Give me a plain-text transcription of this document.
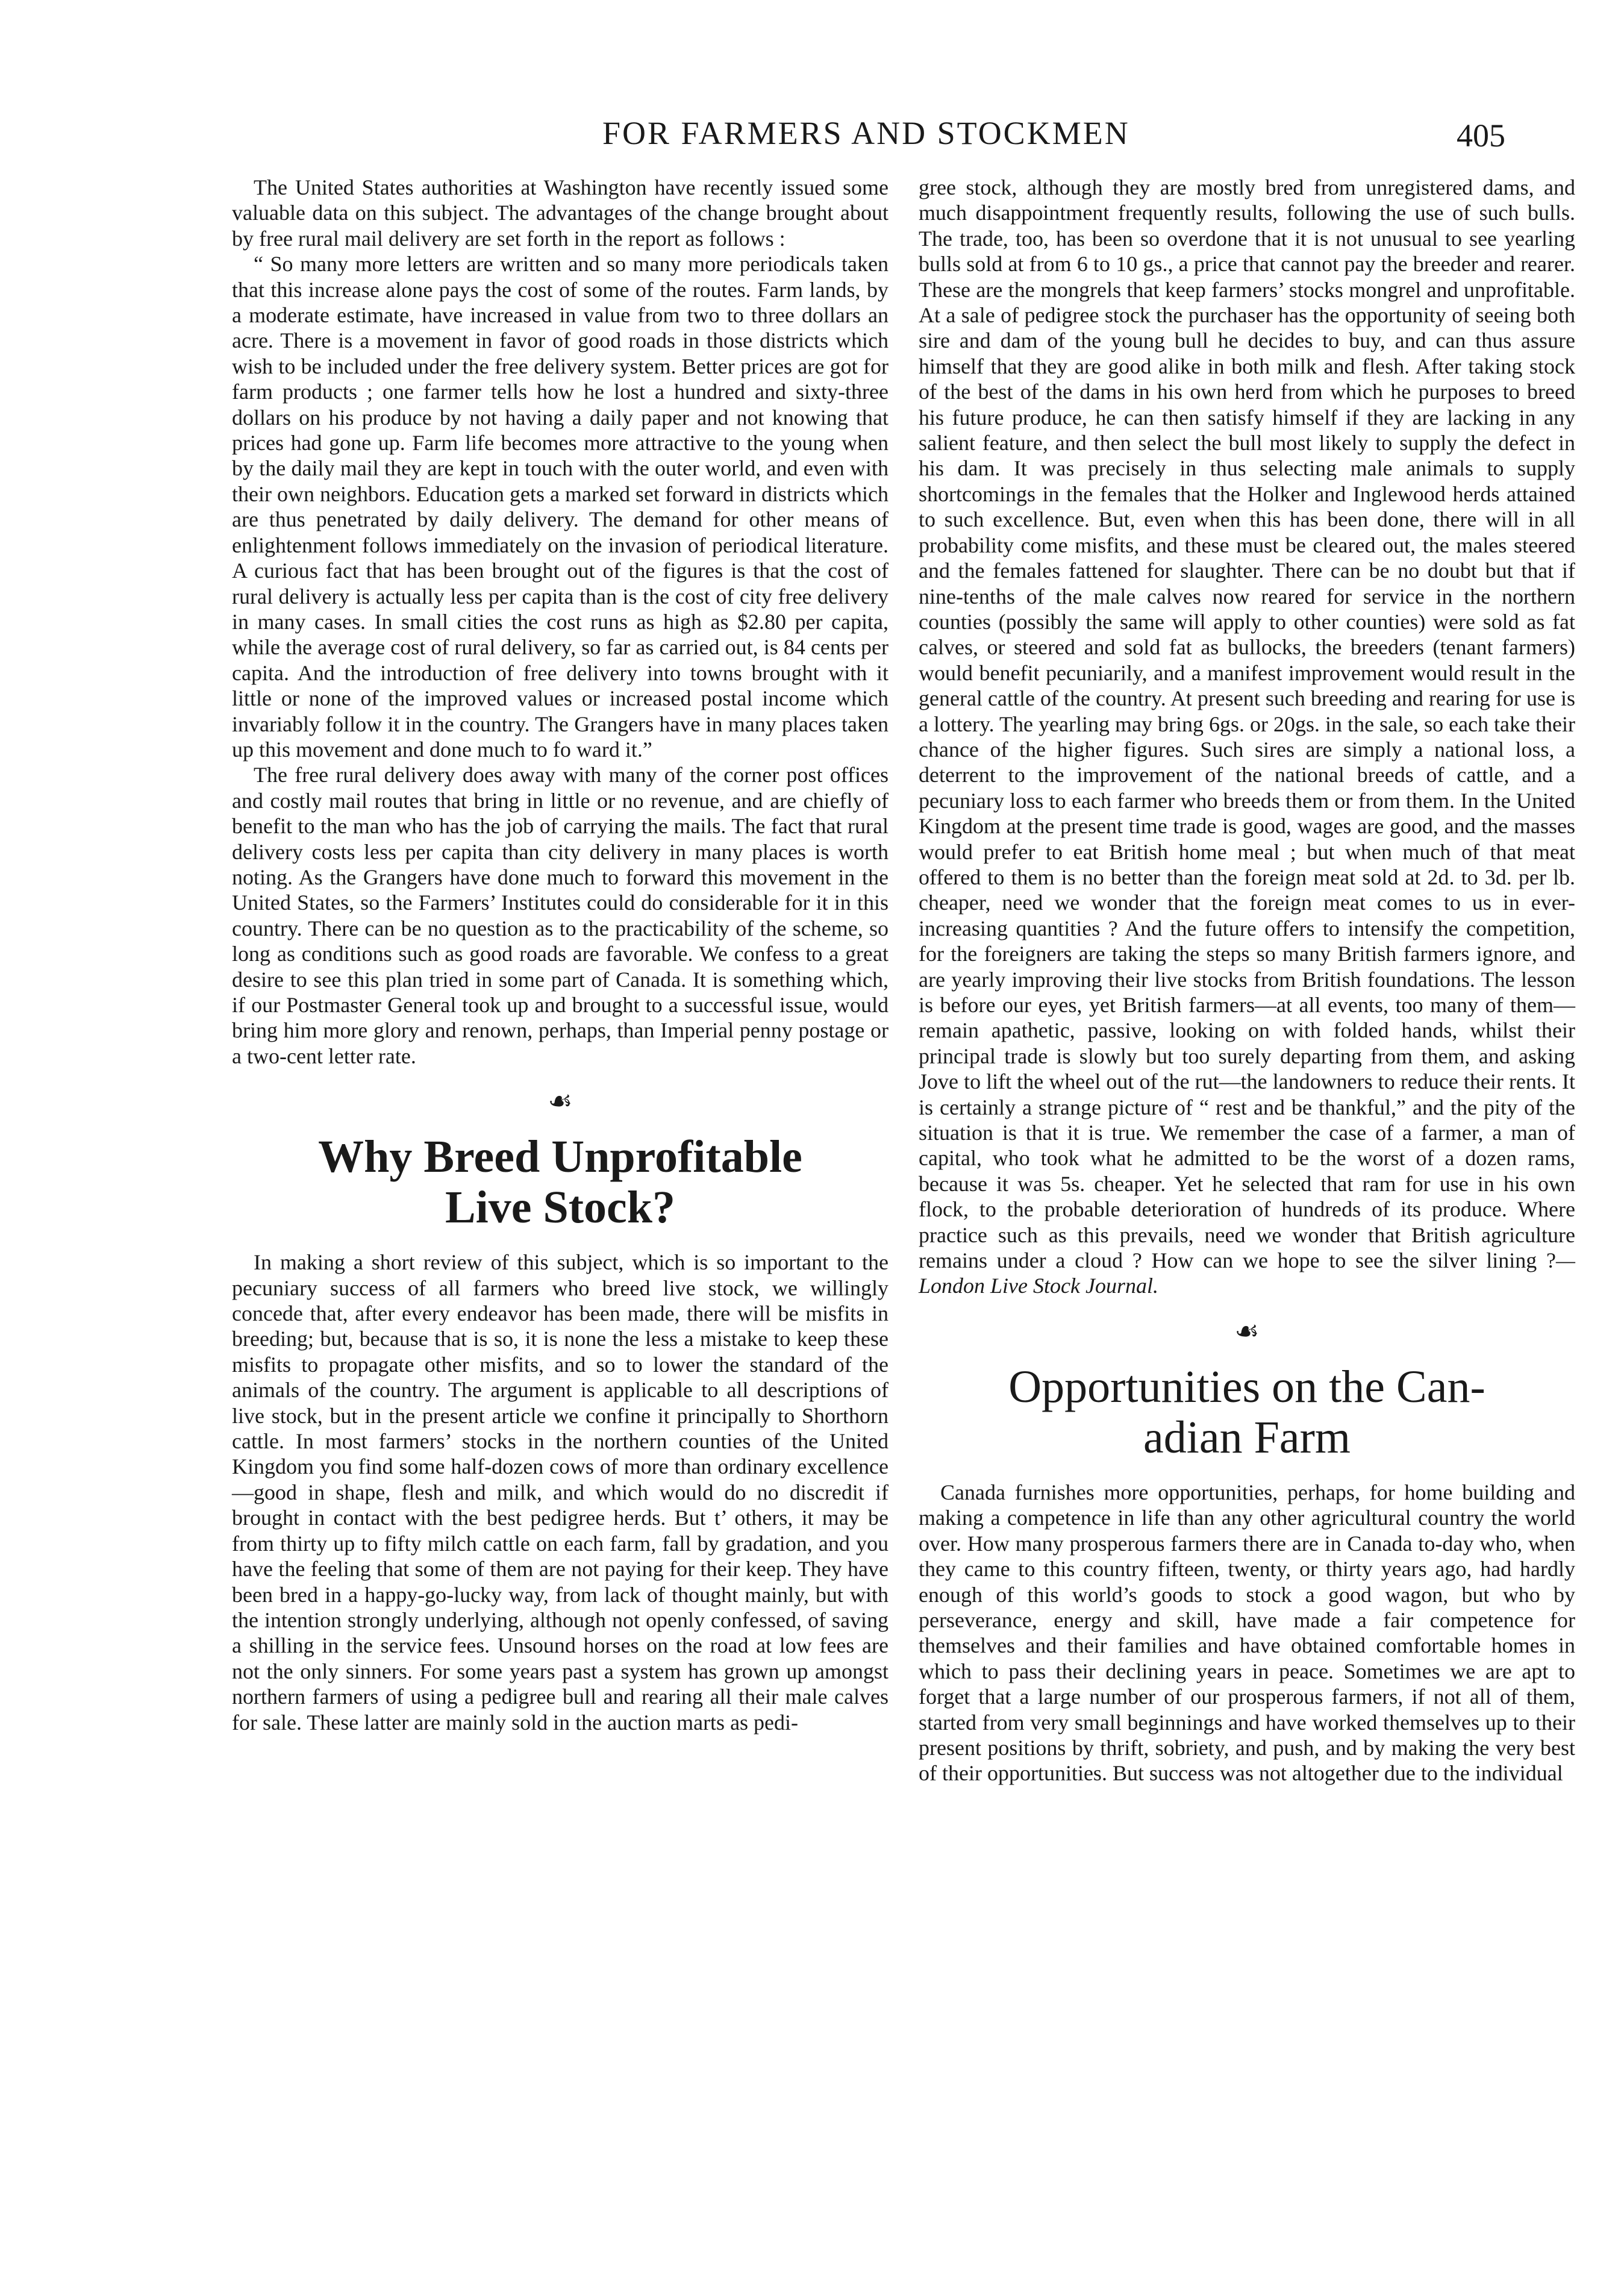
FOR FARMERS AND STOCKMEN	405

The United States authorities at Washington have recently issued some valuable data on this subject. The advantages of the change brought about by free rural mail delivery are set forth in the report as follows :

“ So many more letters are written and so many more periodicals taken that this increase alone pays the cost of some of the routes. Farm lands, by a moderate estimate, have increased in value from two to three dollars an acre. There is a movement in favor of good roads in those districts which wish to be included under the free delivery system. Better prices are got for farm products ; one farmer tells how he lost a hundred and sixty-three dollars on his produce by not having a daily paper and not knowing that prices had gone up. Farm life becomes more attractive to the young when by the daily mail they are kept in touch with the outer world, and even with their own neighbors. Education gets a marked set forward in districts which are thus penetrated by daily delivery. The demand for other means of enlightenment follows immediately on the invasion of periodical literature. A curious fact that has been brought out of the figures is that the cost of rural delivery is actually less per capita than is the cost of city free delivery in many cases. In small cities the cost runs as high as $2.80 per capita, while the average cost of rural delivery, so far as carried out, is 84 cents per capita. And the introduction of free delivery into towns brought with it little or none of the improved values or increased postal income which invariably follow it in the country. The Grangers have in many places taken up this movement and done much to fo ward it.”

The free rural delivery does away with many of the corner post offices and costly mail routes that bring in little or no revenue, and are chiefly of benefit to the man who has the job of carrying the mails. The fact that rural delivery costs less per capita than city delivery in many places is worth noting. As the Grangers have done much to forward this movement in the United States, so the Farmers’ Institutes could do considerable for it in this country. There can be no question as to the practicability of the scheme, so long as conditions such as good roads are favorable. We confess to a great desire to see this plan tried in some part of Canada. It is something which, if our Postmaster General took up and brought to a successful issue, would bring him more glory and renown, perhaps, than Imperial penny postage or a two-cent letter rate.

☙
Why Breed Unprofitable
Live Stock?

In making a short review of this subject, which is so important to the pecuniary success of all farmers who breed live stock, we willingly concede that, after every endeavor has been made, there will be misfits in breeding; but, because that is so, it is none the less a mistake to keep these misfits to propagate other misfits, and so to lower the standard of the animals of the country. The argument is applicable to all descriptions of live stock, but in the present article we confine it principally to Shorthorn cattle. In most farmers’ stocks in the northern counties of the United Kingdom you find some half-dozen cows of more than ordinary excellence—good in shape, flesh and milk, and which would do no discredit if brought in contact with the best pedigree herds. But t’ others, it may be from thirty up to fifty milch cattle on each farm, fall by gradation, and you have the feeling that some of them are not paying for their keep. They have been bred in a happy-go-lucky way, from lack of thought mainly, but with the intention strongly underlying, although not openly confessed, of saving a shilling in the service fees. Unsound horses on the road at low fees are not the only sinners. For some years past a system has grown up amongst northern farmers of using a pedigree bull and rearing all their male calves for sale. These latter are mainly sold in the auction marts as pedi-

gree stock, although they are mostly bred from unregistered dams, and much disappointment frequently results, following the use of such bulls. The trade, too, has been so overdone that it is not unusual to see yearling bulls sold at from 6 to 10 gs., a price that cannot pay the breeder and rearer. These are the mongrels that keep farmers’ stocks mongrel and unprofitable. At a sale of pedigree stock the purchaser has the opportunity of seeing both sire and dam of the young bull he decides to buy, and can thus assure himself that they are good alike in both milk and flesh. After taking stock of the best of the dams in his own herd from which he purposes to breed his future produce, he can then satisfy himself if they are lacking in any salient feature, and then select the bull most likely to supply the defect in his dam. It was precisely in thus selecting male animals to supply shortcomings in the females that the Holker and Inglewood herds attained to such excellence. But, even when this has been done, there will in all probability come misfits, and these must be cleared out, the males steered and the females fattened for slaughter. There can be no doubt but that if nine-tenths of the male calves now reared for service in the northern counties (possibly the same will apply to other counties) were sold as fat calves, or steered and sold fat as bullocks, the breeders (tenant farmers) would benefit pecuniarily, and a manifest improvement would result in the general cattle of the country. At present such breeding and rearing for use is a lottery. The yearling may bring 6gs. or 20gs. in the sale, so each take their chance of the higher figures. Such sires are simply a national loss, a deterrent to the improvement of the national breeds of cattle, and a pecuniary loss to each farmer who breeds them or from them. In the United Kingdom at the present time trade is good, wages are good, and the masses would prefer to eat British home meal ; but when much of that meat offered to them is no better than the foreign meat sold at 2d. to 3d. per lb. cheaper, need we wonder that the foreign meat comes to us in ever-increasing quantities ? And the future offers to intensify the competition, for the foreigners are taking the steps so many British farmers ignore, and are yearly improving their live stocks from British foundations. The lesson is before our eyes, yet British farmers—at all events, too many of them—remain apathetic, passive, looking on with folded hands, whilst their principal trade is slowly but too surely departing from them, and asking Jove to lift the wheel out of the rut—the landowners to reduce their rents. It is certainly a strange picture of “ rest and be thankful,” and the pity of the situation is that it is true. We remember the case of a farmer, a man of capital, who took what he admitted to be the worst of a dozen rams, because it was 5s. cheaper. Yet he selected that ram for use in his own flock, to the probable deterioration of hundreds of its produce. Where practice such as this prevails, need we wonder that British agriculture remains under a cloud ? How can we hope to see the silver lining ?—London Live Stock Journal.

☙
Opportunities on the Can-
adian Farm

Canada furnishes more opportunities, perhaps, for home building and making a competence in life than any other agricultural country the world over. How many prosperous farmers there are in Canada to-day who, when they came to this country fifteen, twenty, or thirty years ago, had hardly enough of this world’s goods to stock a good wagon, but who by perseverance, energy and skill, have made a fair competence for themselves and their families and have obtained comfortable homes in which to pass their declining years in peace. Sometimes we are apt to forget that a large number of our prosperous farmers, if not all of them, started from very small beginnings and have worked themselves up to their present positions by thrift, sobriety, and push, and by making the very best of their opportunities. But success was not altogether due to the individual
